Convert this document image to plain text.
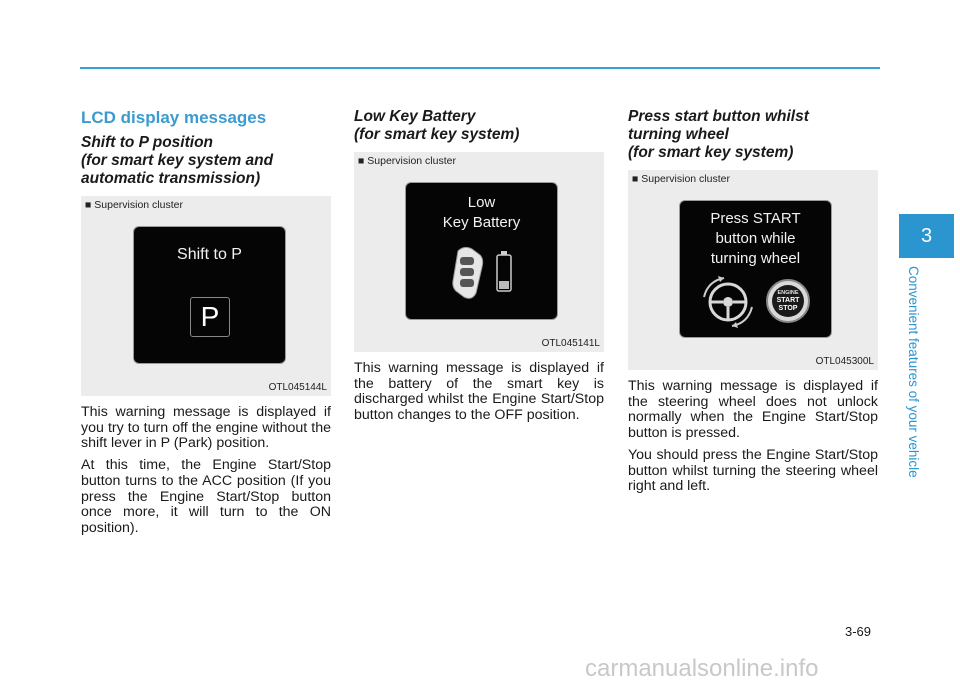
LCD display messages
Shift to P position
(for smart key system and
automatic transmission)
■ Supervision cluster
Shift to P
P
OTL045144L
This warning message is displayed if you try to turn off the engine without the shift lever in P (Park) position.
At this time, the Engine Start/Stop button turns to the ACC position (If you press the Engine Start/Stop button once more, it will turn to the ON position).
Low Key Battery
(for smart key system)
■ Supervision cluster
Low
Key Battery
OTL045141L
This warning message is displayed if the battery of the smart key is discharged whilst the Engine Start/Stop button changes to the OFF position.
Press start button whilst
turning wheel
(for smart key system)
■ Supervision cluster
Press START
button while
turning wheel
ENGINE
START
STOP
OTL045300L
This warning message is displayed if the steering wheel does not unlock normally when the Engine Start/Stop button is pressed.
You should press the Engine Start/Stop button whilst turning the steering wheel right and left.
3
Convenient features of your vehicle
3-69
carmanualsonline.info
